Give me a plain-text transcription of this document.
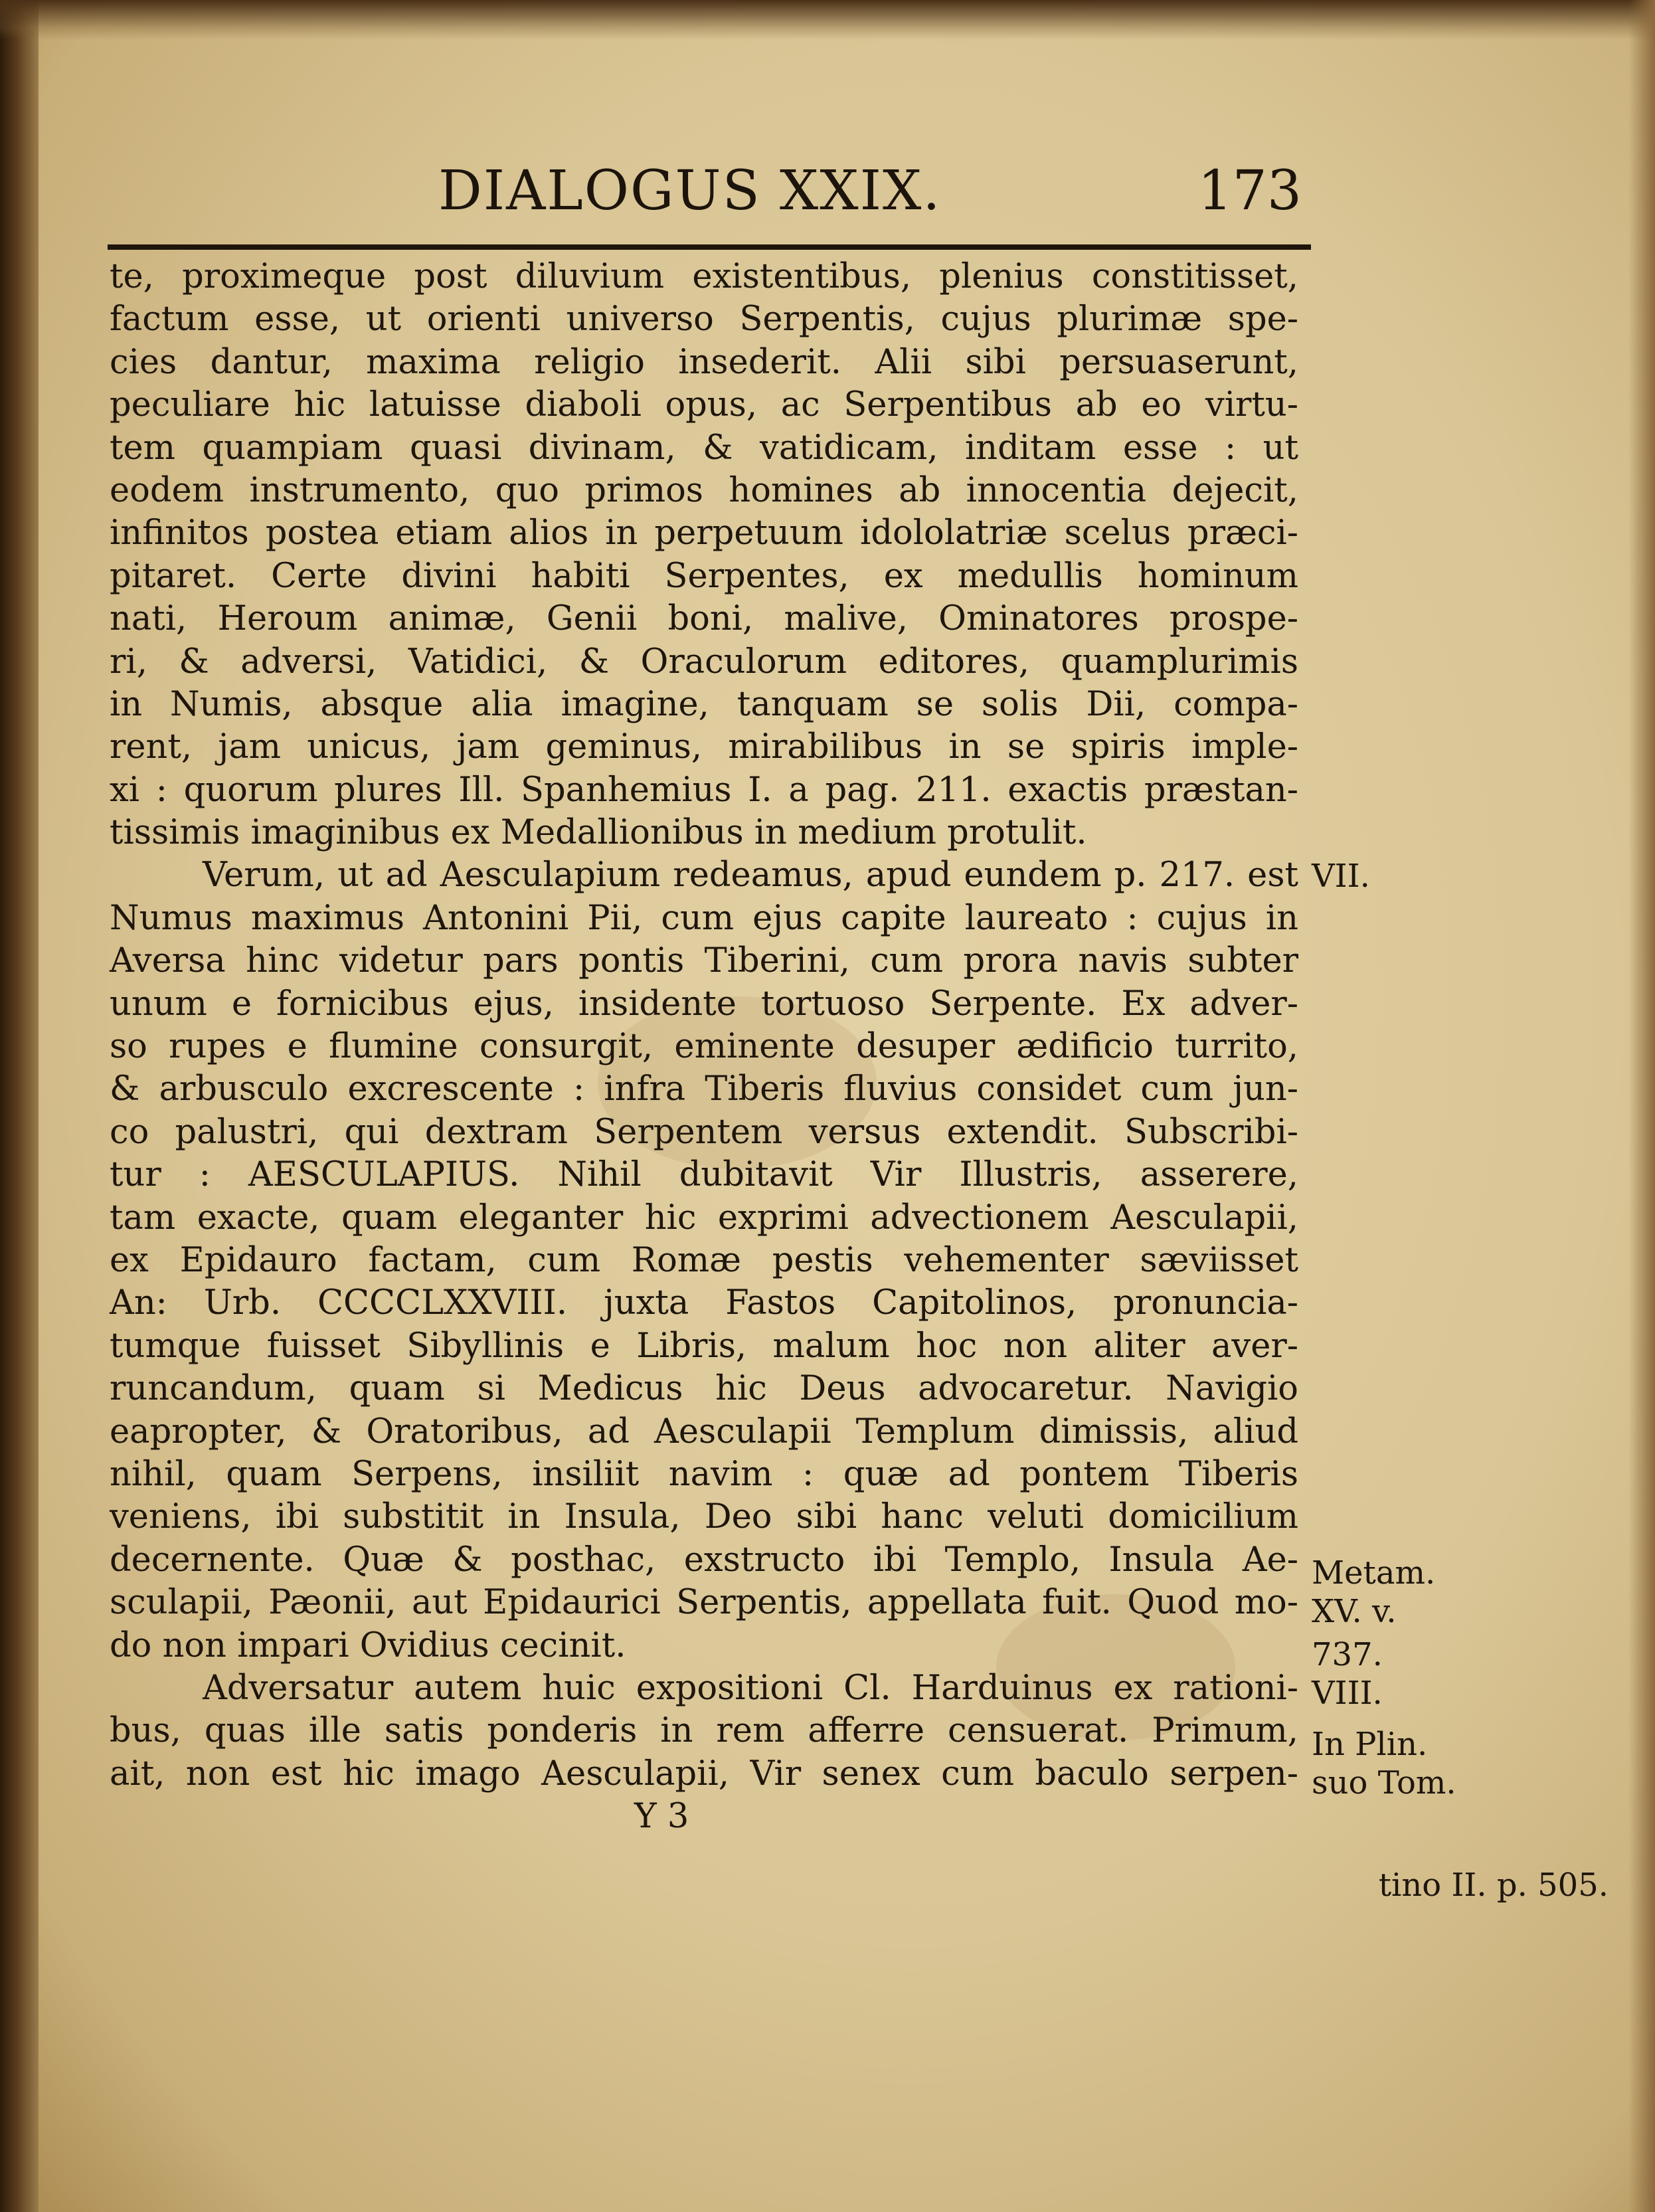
DIALOGUS XXIX.	173
te, proximeque post diluvium existentibus, plenius constitisset,
factum esse, ut orienti universo Serpentis, cujus plurimæ spe-
cies dantur, maxima religio insederit. Alii sibi persuaserunt,
peculiare hic latuisse diaboli opus, ac Serpentibus ab eo virtu-
tem quampiam quasi divinam, & vatidicam, inditam esse : ut
eodem instrumento, quo primos homines ab innocentia dejecit,
infinitos postea etiam alios in perpetuum idololatriæ scelus præci-
pitaret. Certe divini habiti Serpentes, ex medullis hominum
nati, Heroum animæ, Genii boni, malive, Ominatores prospe-
ri, & adversi, Vatidici, & Oraculorum editores, quamplurimis
in Numis, absque alia imagine, tanquam se solis Dii, compa-
rent, jam unicus, jam geminus, mirabilibus in se spiris imple-
xi : quorum plures Ill. Spanhemius I. a pag. 211. exactis præstan-
tissimis imaginibus ex Medallionibus in medium protulit.
Verum, ut ad Aesculapium redeamus, apud eundem p. 217. est
Numus maximus Antonini Pii, cum ejus capite laureato : cujus in
Aversa hinc videtur pars pontis Tiberini, cum prora navis subter
unum e fornicibus ejus, insidente tortuoso Serpente. Ex adver-
so rupes e flumine consurgit, eminente desuper ædificio turrito,
& arbusculo excrescente : infra Tiberis fluvius considet cum jun-
co palustri, qui dextram Serpentem versus extendit. Subscribi-
tur : AESCULAPIUS. Nihil dubitavit Vir Illustris, asserere,
tam exacte, quam eleganter hic exprimi advectionem Aesculapii,
ex Epidauro factam, cum Romæ pestis vehementer sæviisset
An: Urb. CCCCLXXVIII. juxta Fastos Capitolinos, pronuncia-
tumque fuisset Sibyllinis e Libris, malum hoc non aliter aver-
runcandum, quam si Medicus hic Deus advocaretur. Navigio
eapropter, & Oratoribus, ad Aesculapii Templum dimissis, aliud
nihil, quam Serpens, insiliit navim : quæ ad pontem Tiberis
veniens, ibi substitit in Insula, Deo sibi hanc veluti domicilium
decernente. Quæ & posthac, exstructo ibi Templo, Insula Ae-
sculapii, Pæonii, aut Epidaurici Serpentis, appellata fuit. Quod mo-
do non impari Ovidius cecinit.
Adversatur autem huic expositioni Cl. Harduinus ex rationi-
bus, quas ille satis ponderis in rem afferre censuerat. Primum,
ait, non est hic imago Aesculapii, Vir senex cum baculo serpen-
Y 3
VII.
Metam.
XV. v.
737.
VIII.
In Plin.
suo Tom.
tino II. p. 505.
